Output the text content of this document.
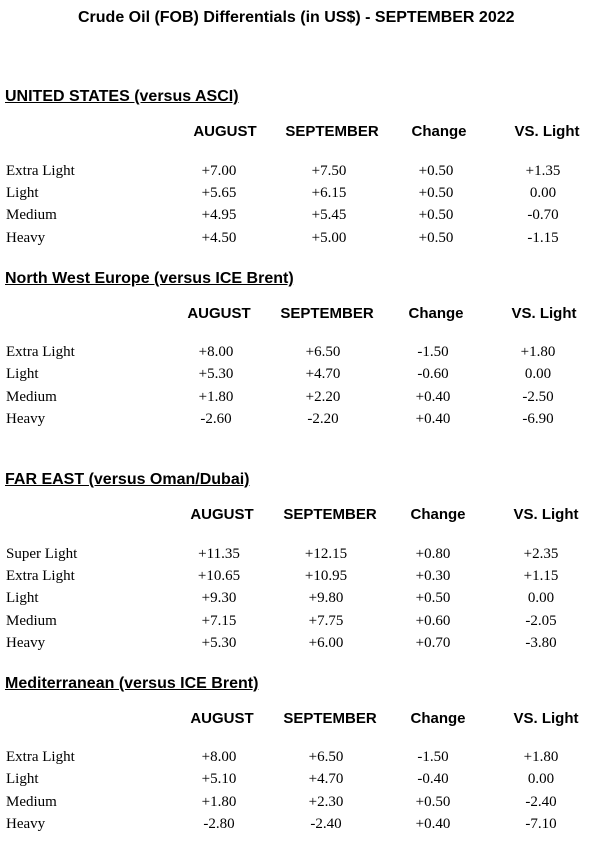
Crude Oil (FOB) Differentials (in US$) - SEPTEMBER 2022
UNITED STATES (versus ASCI)
AUGUST SEPTEMBER Change	VS. Light
Extra Light	+7.00	+7.50	+0.50	+1.35
Light	+5.65	+6.15	+0.50	0.00
Medium	+4.95	+5.45	+0.50	-0.70
Heavy	+4.50	+5.00	+0.50	-1.15
North West Europe (versus ICE Brent)
AUGUST SEPTEMBER Change	VS. Light
Extra Light	+8.00	+6.50	-1.50	+1.80
Light	+5.30	+4.70	-0.60	0.00
Medium	+1.80	+2.20	+0.40	-2.50
Heavy	-2.60	-2.20	+0.40	-6.90
FAR EAST (versus Oman/Dubai)
AUGUST SEPTEMBER Change	VS. Light
Super Light	+11.35	+12.15	+0.80	+2.35
Extra Light	+10.65	+10.95	+0.30	+1.15
Light	+9.30	+9.80	+0.50	0.00
Medium	+7.15	+7.75	+0.60	-2.05
Heavy	+5.30	+6.00	+0.70	-3.80
Mediterranean (versus ICE Brent)
AUGUST SEPTEMBER Change	VS. Light
Extra Light	+8.00	+6.50	-1.50	+1.80
Light	+5.10	+4.70	-0.40	0.00
Medium	+1.80	+2.30	+0.50	-2.40
Heavy	-2.80	-2.40	+0.40	-7.10
